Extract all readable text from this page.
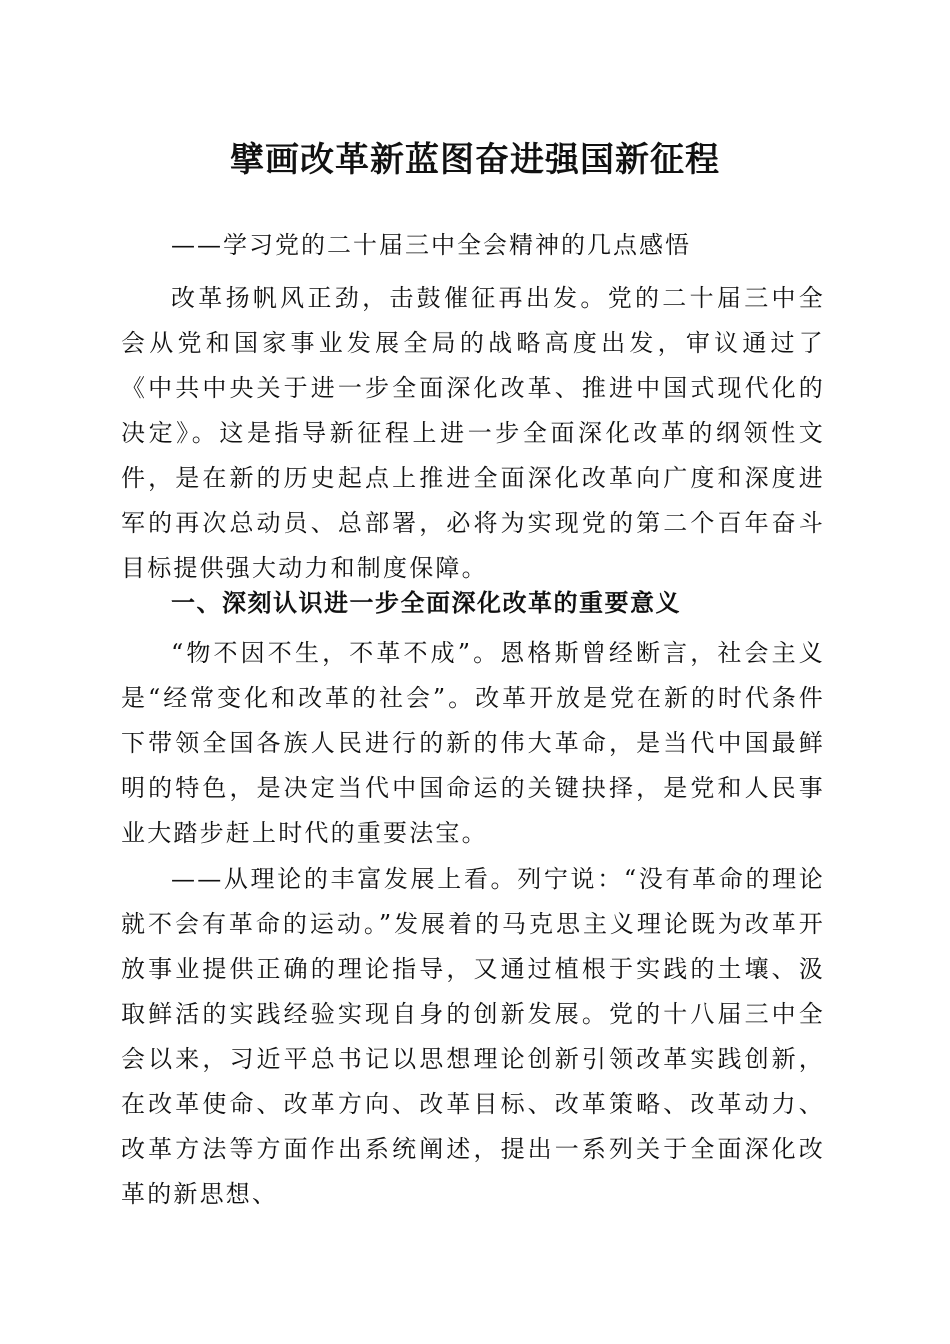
擘画改革新蓝图奋进强国新征程
——学习党的二十届三中全会精神的几点感悟
改革扬帆风正劲，击鼓催征再出发。党的二十届三中全会从党和国家事业发展全局的战略高度出发，审议通过了《中共中央关于进一步全面深化改革、推进中国式现代化的决定》。这是指导新征程上进一步全面深化改革的纲领性文件，是在新的历史起点上推进全面深化改革向广度和深度进军的再次总动员、总部署，必将为实现党的第二个百年奋斗目标提供强大动力和制度保障。
一、深刻认识进一步全面深化改革的重要意义
“物不因不生，不革不成”。恩格斯曾经断言，社会主义是“经常变化和改革的社会”。改革开放是党在新的时代条件下带领全国各族人民进行的新的伟大革命，是当代中国最鲜明的特色，是决定当代中国命运的关键抉择，是党和人民事业大踏步赶上时代的重要法宝。
——从理论的丰富发展上看。列宁说：“没有革命的理论就不会有革命的运动。”发展着的马克思主义理论既为改革开放事业提供正确的理论指导，又通过植根于实践的土壤、汲取鲜活的实践经验实现自身的创新发展。党的十八届三中全会以来，习近平总书记以思想理论创新引领改革实践创新，在改革使命、改革方向、改革目标、改革策略、改革动力、改革方法等方面作出系统阐述，提出一系列关于全面深化改革的新思想、
